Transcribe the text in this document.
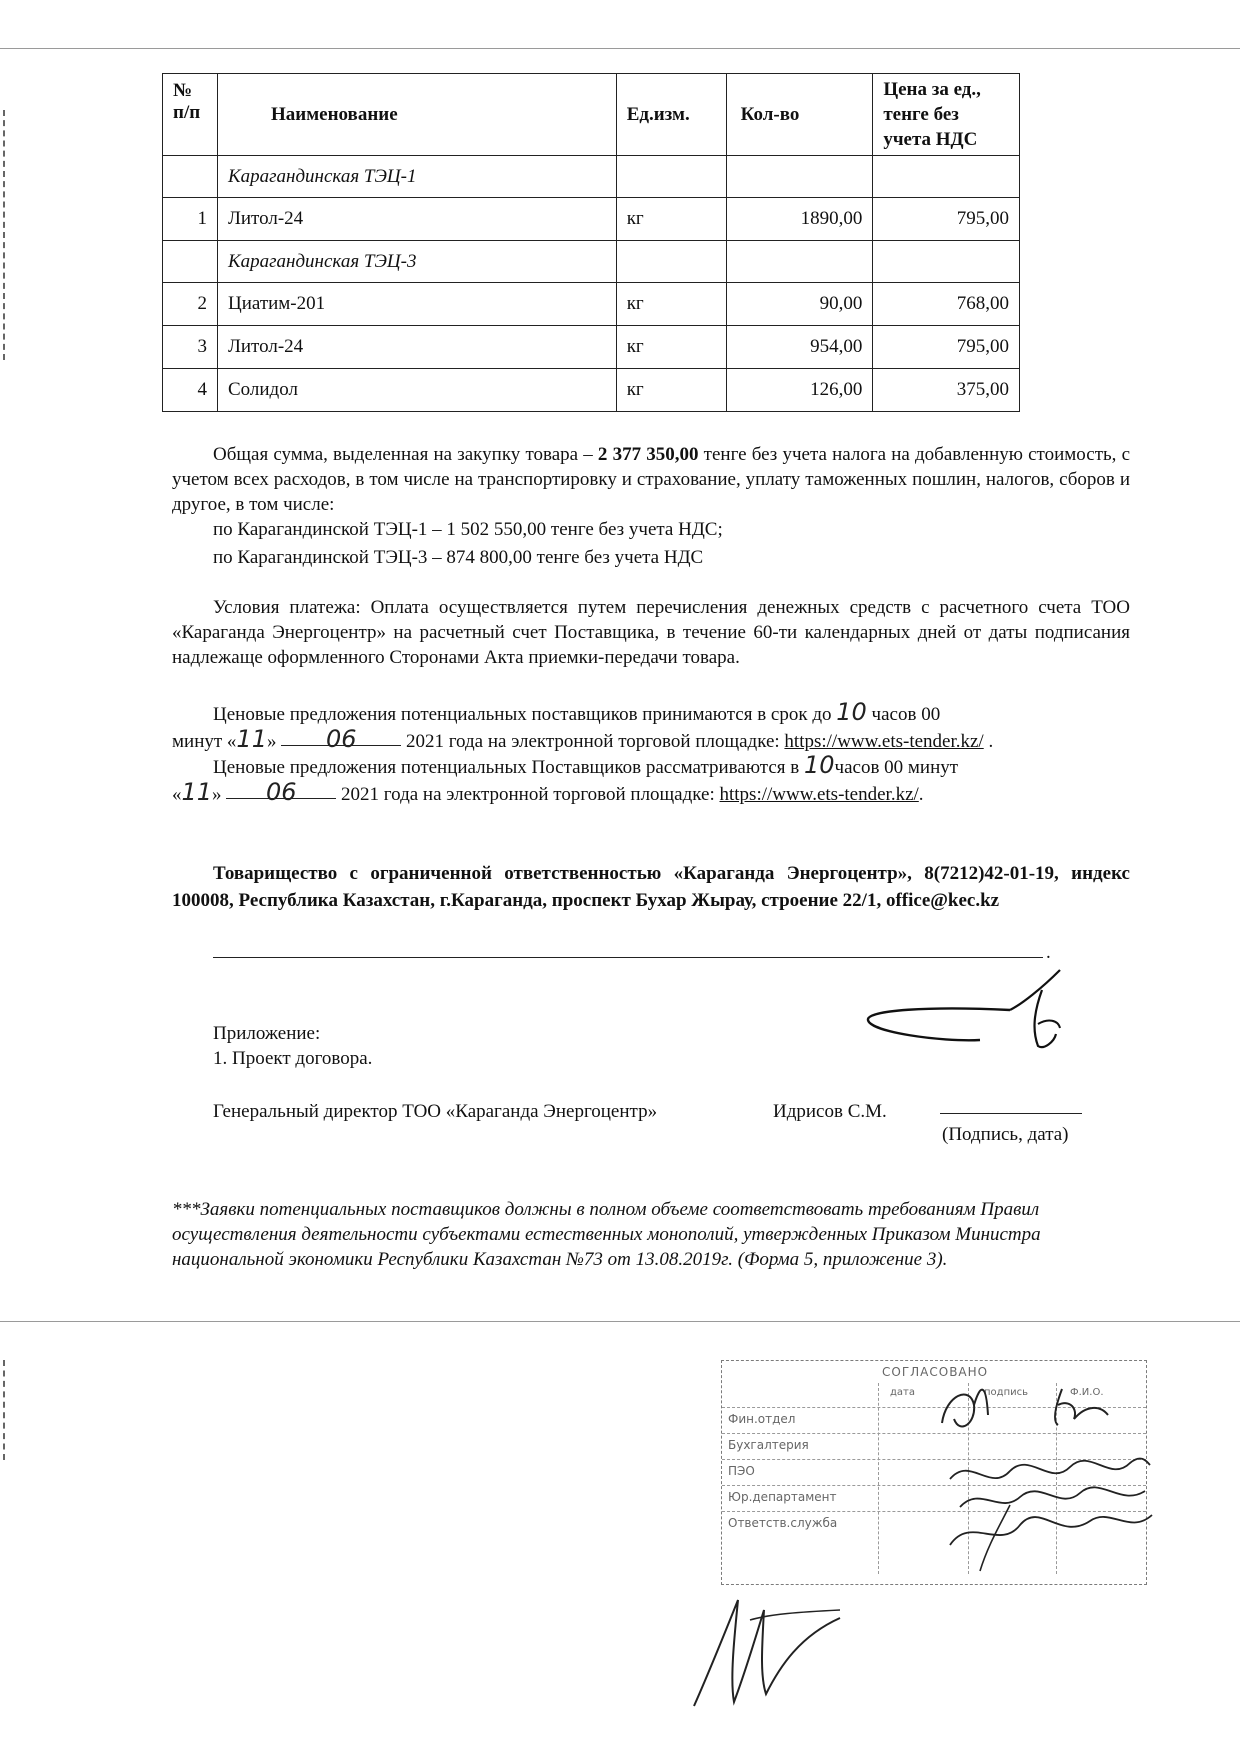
№ п/п	Наименование	Ед.изм.	Кол-во	Цена за ед., тенге без учета НДС
	Карагандинская ТЭЦ-1			
1	Литол-24	кг	1890,00	795,00
	Карагандинская ТЭЦ-3			
2	Циатим-201	кг	90,00	768,00
3	Литол-24	кг	954,00	795,00
4	Солидол	кг	126,00	375,00
Общая сумма, выделенная на закупку товара – 2 377 350,00 тенге без учета налога на добавленную стоимость, с учетом всех расходов, в том числе на транспортировку и страхование, уплату таможенных пошлин, налогов, сборов и другое, в том числе:
по Карагандинской ТЭЦ-1 – 1 502 550,00 тенге без учета НДС;
по Карагандинской ТЭЦ-3 – 874 800,00 тенге без учета НДС
Условия платежа: Оплата осуществляется путем перечисления денежных средств с расчетного счета ТОО «Караганда Энергоцентр» на расчетный счет Поставщика, в течение 60-ти календарных дней от даты подписания надлежаще оформленного Сторонами Акта приемки-передачи товара.
Ценовые предложения потенциальных поставщиков принимаются в срок до 10 часов 00
минут «11» 06	2021 года на электронной торговой площадке: https://www.ets-tender.kz/ .
Ценовые предложения потенциальных Поставщиков рассматриваются в 10часов 00 минут
«11» 06 2021 года на электронной торговой площадке: https://www.ets-tender.kz/.
Товарищество с ограниченной ответственностью «Караганда Энергоцентр», 8(7212)42-01-19, индекс 100008, Республика Казахстан, г.Караганда, проспект Бухар Жырау, строение 22/1, office@kec.kz
.
Приложение:
1. Проект договора.
Генеральный директор ТОО «Караганда Энергоцентр»	Идрисов С.М.
(Подпись, дата)
***Заявки потенциальных поставщиков должны в полном объеме соответствовать требованиям Правил осуществления деятельности субъектами естественных монополий, утвержденных Приказом Министра национальной экономики Республики Казахстан №73 от 13.08.2019г. (Форма 5, приложение 3).
СОГЛАСОВАНО
дата	подпись	Ф.И.О.
Фин.отдел
Бухгалтерия
ПЭО
Юр.департамент
Ответств.служба
